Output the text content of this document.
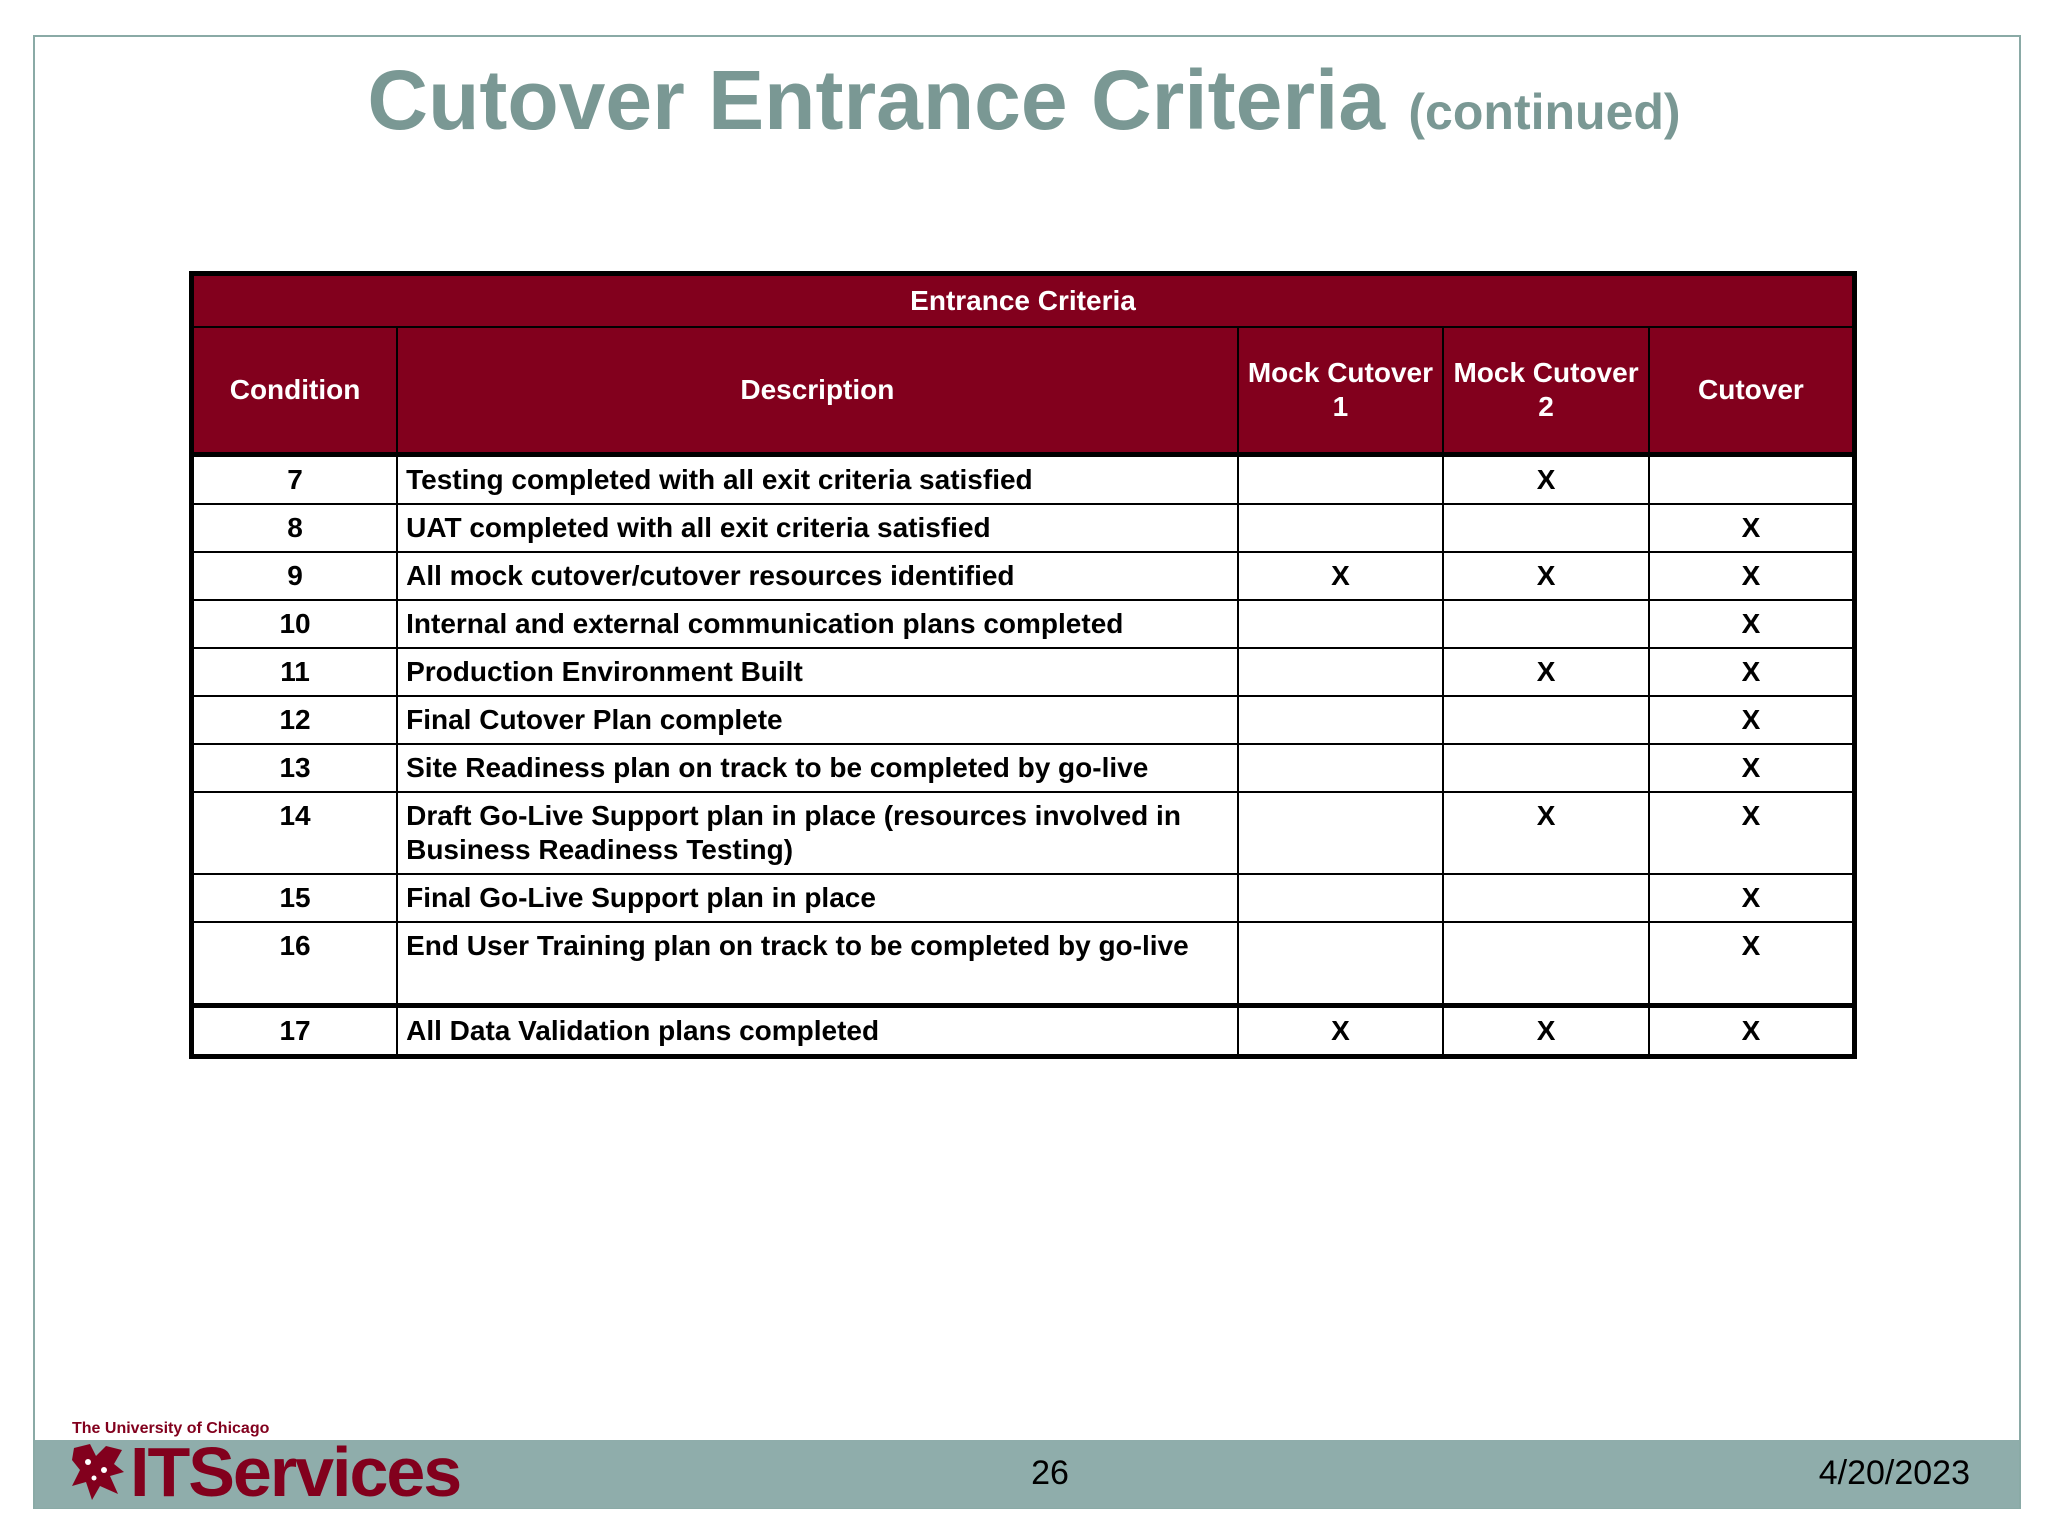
Cutover Entrance Criteria (continued)
Entrance Criteria				
Condition	Description	Mock Cutover 1	Mock Cutover 2	Cutover
7	Testing completed with all exit criteria satisfied		X	
8	UAT completed with all exit criteria satisfied			X
9	All mock cutover/cutover resources identified	X	X	X
10	Internal and external communication plans completed			X
11	Production Environment Built		X	X
12	Final Cutover Plan complete			X
13	Site Readiness plan on track to be completed by go-live			X
14	Draft Go-Live Support plan in place (resources involved in Business Readiness Testing)		X	X
15	Final Go-Live Support plan in place			X
16	End User Training plan on track to be completed by go-live			X
17	All Data Validation plans completed	X	X	X
The University of Chicago
ITServices	26	4/20/2023
